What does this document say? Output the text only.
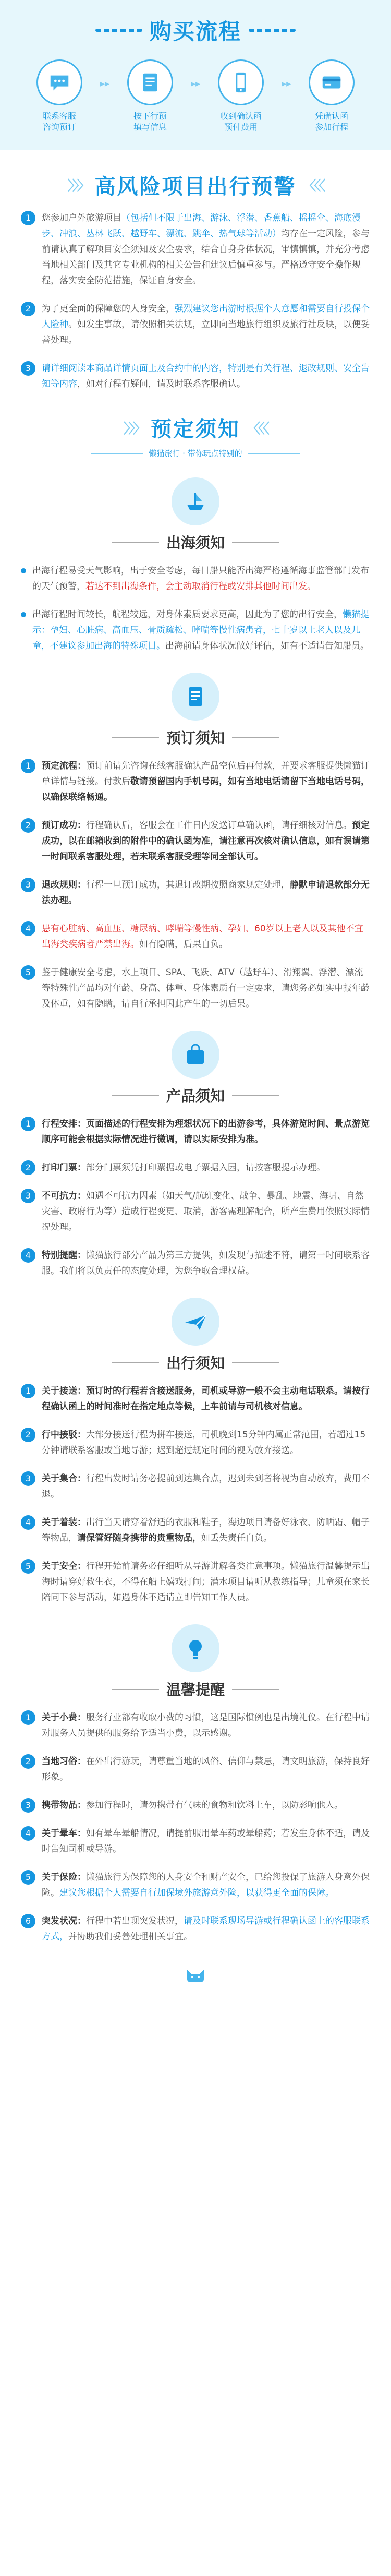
购买流程
联系客服
咨询预订
▸▸
按下行预
填写信息
▸▸
收到确认函
预付费用
▸▸
凭确认函
参加行程
〉〉〉 高风险项目出行预警 〈〈〈
1	您参加户外旅游项目（包括但不限于出海、游泳、浮潜、香蕉船、摇摇伞、海底漫步、冲浪、丛林飞跃、越野车、漂流、跳伞、热气球等活动）均存在一定风险，参与前请认真了解项目安全须知及安全要求，结合自身身体状况，审慎慎慎，并充分考虑当地相关部门及其它专业机构的相关公告和建议后慎重参与。严格遵守安全操作规程，落实安全防范措施，保证自身安全。

2	为了更全面的保障您的人身安全，强烈建议您出游时根据个人意愿和需要自行投保个人险种。如发生事故，请依照相关法规，立即向当地旅行组织及旅行社反映，以便妥善处理。

3	请详细阅读本商品详情页面上及合约中的内容，特别是有关行程、退改规则、安全告知等内容，如对行程有疑问，请及时联系客服确认。

〉〉〉 预定须知 〈〈〈
懒猫旅行 · 带你玩点特别的
出海须知

出海行程易受天气影响，出于安全考虑，每日船只能否出海严格遵循海事监管部门发布的天气预警，若达不到出海条件，会主动取消行程或安排其他时间出发。

出海行程时间较长，航程较远，对身体素质要求更高，因此为了您的出行安全，懒猫提示：孕妇、心脏病、高血压、骨质疏松、哮喘等慢性病患者，七十岁以上老人以及儿童，不建议参加出海的特殊项目。出海前请身体状况做好评估，如有不适请告知船员。

预订须知
1	预定流程：预订前请先咨询在线客服确认产品空位后再付款，并要求客服提供懒猫订单详情与链接。付款后敬请预留国内手机号码，如有当地电话请留下当地电话号码，以确保联络畅通。

2	预订成功：行程确认后，客服会在工作日内发送订单确认函，请仔细核对信息。预定成功，以在邮箱收到的附件中的确认函为准，请注意再次核对确认信息，如有误请第一时间联系客服处理，若未联系客服受理等同全部认可。

3	退改规则：行程一旦预订成功，其退订改期按照商家规定处理，静默申请退款部分无法办理。

4	患有心脏病、高血压、糖尿病、哮喘等慢性病、孕妇、60岁以上老人以及其他不宜出海类疾病者严禁出海。如有隐瞒，后果自负。

5	鉴于健康安全考虑，水上项目、SPA、飞跃、ATV（越野车）、滑翔翼、浮潜、漂流等特殊性产品均对年龄、身高、体重、身体素质有一定要求，请您务必如实申报年龄及体重，如有隐瞒，请自行承担因此产生的一切后果。

产品须知
1	行程安排：页面描述的行程安排为理想状况下的出游参考，具体游览时间、景点游览顺序可能会根据实际情况进行微调，请以实际安排为准。

2	打印门票：部分门票须凭打印票据或电子票据入园，请按客服提示办理。

3	不可抗力：如遇不可抗力因素（如天气/航班变化、战争、暴乱、地震、海啸、自然灾害、政府行为等）造成行程变更、取消，游客需理解配合，所产生费用依照实际情况处理。

4	特别提醒：懒猫旅行部分产品为第三方提供，如发现与描述不符，请第一时间联系客服。我们将以负责任的态度处理，为您争取合理权益。

出行须知
1	关于接送：预订时的行程若含接送服务，司机或导游一般不会主动电话联系。请按行程确认函上的时间准时在指定地点等候，上车前请与司机核对信息。

2	行中接驳：大部分接送行程为拼车接送，司机晚到15分钟内属正常范围，若超过15分钟请联系客服或当地导游；迟到超过规定时间的视为放弃接送。

3	关于集合：行程出发时请务必提前到达集合点，迟到未到者将视为自动放弃，费用不退。

4	关于着装：出行当天请穿着舒适的衣服和鞋子，海边项目请备好泳衣、防晒霜、帽子等物品，请保管好随身携带的贵重物品，如丢失责任自负。

5	关于安全：行程开始前请务必仔细听从导游讲解各类注意事项。懒猫旅行温馨提示出海时请穿好救生衣，不得在船上嬉戏打闹；潜水项目请听从教练指导；儿童须在家长陪同下参与活动，如遇身体不适请立即告知工作人员。

温馨提醒
1	关于小费：服务行业都有收取小费的习惯，这是国际惯例也是出境礼仪。在行程中请对服务人员提供的服务给予适当小费，以示感谢。

2	当地习俗：在外出行游玩，请尊重当地的风俗、信仰与禁忌，请文明旅游，保持良好形象。

3	携带物品：参加行程时，请勿携带有气味的食物和饮料上车，以防影响他人。

4	关于晕车：如有晕车晕船情况，请提前服用晕车药或晕船药；若发生身体不适，请及时告知司机或导游。

5	关于保险：懒猫旅行为保障您的人身安全和财产安全，已给您投保了旅游人身意外保险。建议您根据个人需要自行加保境外旅游意外险，以获得更全面的保障。

6	突发状况：行程中若出现突发状况，请及时联系现场导游或行程确认函上的客服联系方式，并协助我们妥善处理相关事宜。
